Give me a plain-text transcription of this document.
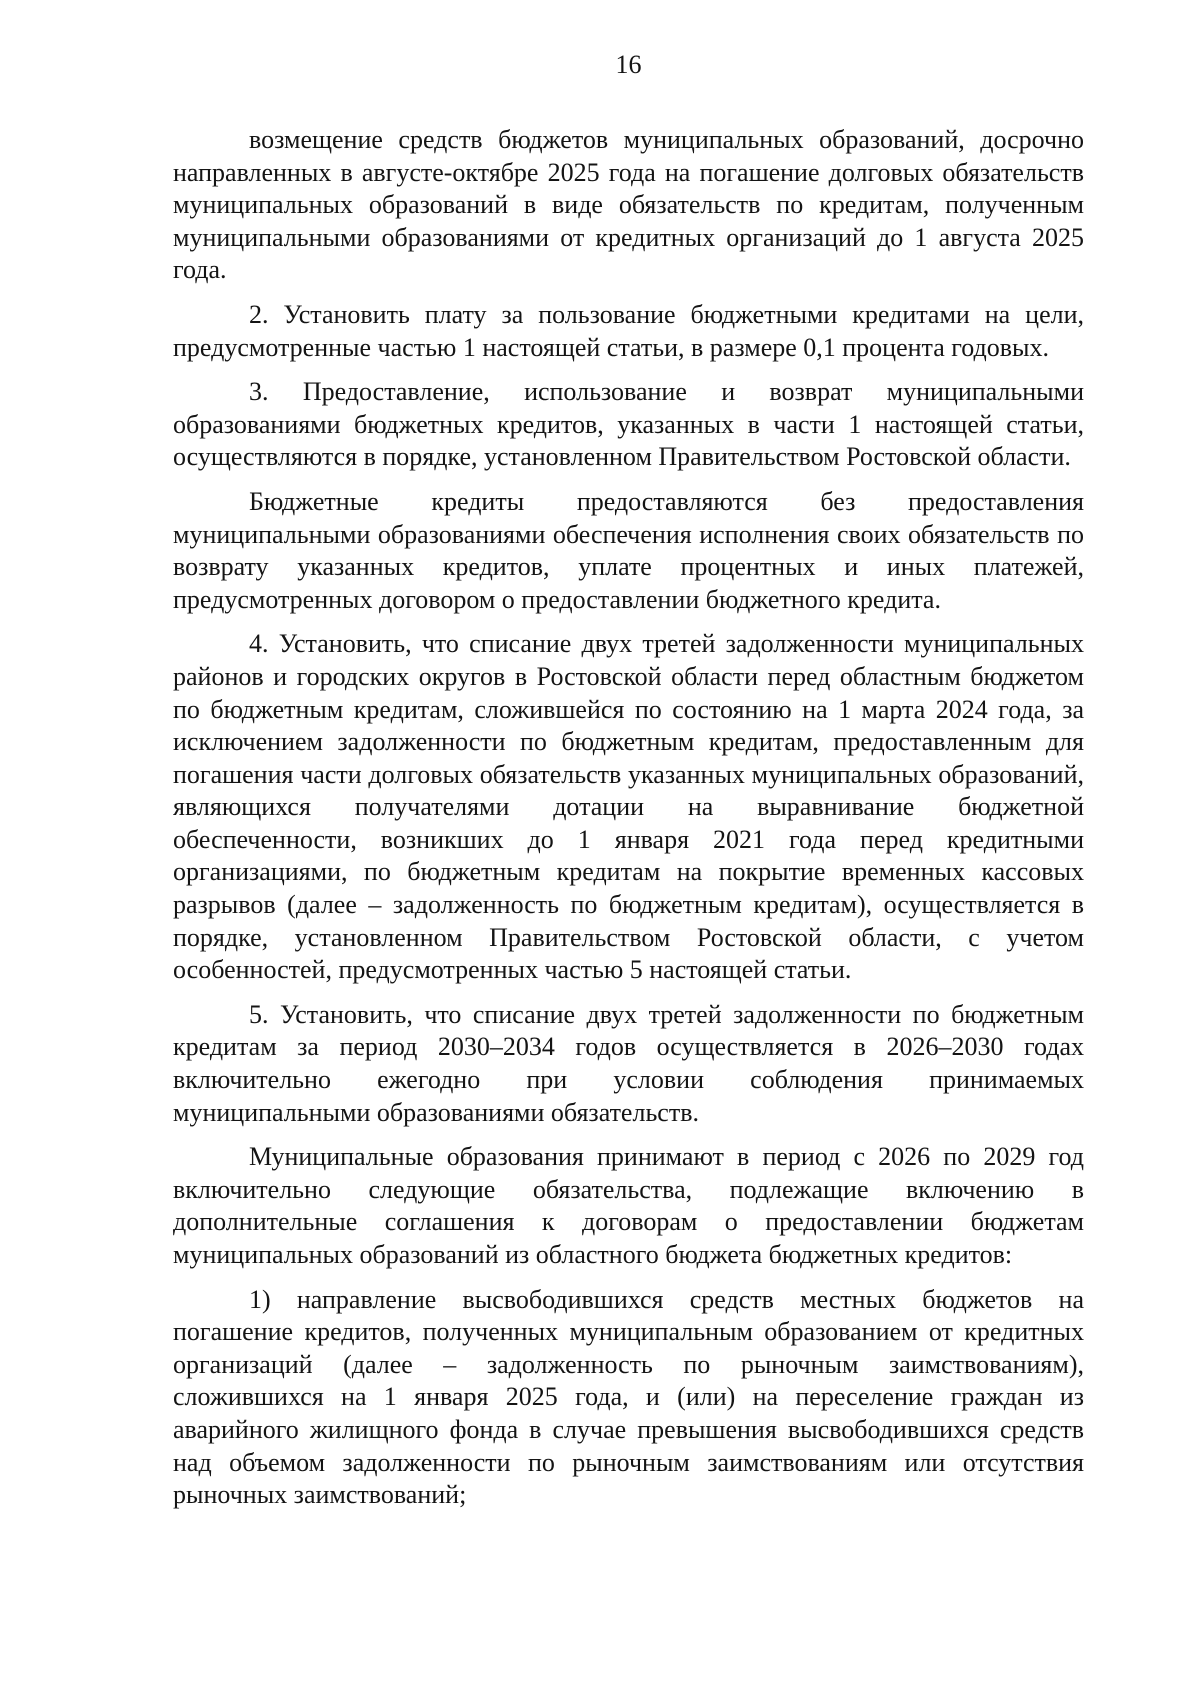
16

возмещение средств бюджетов муниципальных образований, досрочно направленных в августе-октябре 2025 года на погашение долговых обязательств муниципальных образований в виде обязательств по кредитам, полученным муниципальными образованиями от кредитных организаций до 1 августа 2025 года.

2. Установить плату за пользование бюджетными кредитами на цели, предусмотренные частью 1 настоящей статьи, в размере 0,1 процента годовых.

3. Предоставление, использование и возврат муниципальными образованиями бюджетных кредитов, указанных в части 1 настоящей статьи, осуществляются в порядке, установленном Правительством Ростовской области.

Бюджетные кредиты предоставляются без предоставления муниципальными образованиями обеспечения исполнения своих обязательств по возврату указанных кредитов, уплате процентных и иных платежей, предусмотренных договором о предоставлении бюджетного кредита.

4. Установить, что списание двух третей задолженности муниципальных районов и городских округов в Ростовской области перед областным бюджетом по бюджетным кредитам, сложившейся по состоянию на 1 марта 2024 года, за исключением задолженности по бюджетным кредитам, предоставленным для погашения части долговых обязательств указанных муниципальных образований, являющихся получателями дотации на выравнивание бюджетной обеспеченности, возникших до 1 января 2021 года перед кредитными организациями, по бюджетным кредитам на покрытие временных кассовых разрывов (далее – задолженность по бюджетным кредитам), осуществляется в порядке, установленном Правительством Ростовской области, с учетом особенностей, предусмотренных частью 5 настоящей статьи.

5. Установить, что списание двух третей задолженности по бюджетным кредитам за период 2030–2034 годов осуществляется в 2026–2030 годах включительно ежегодно при условии соблюдения принимаемых муниципальными образованиями обязательств.

Муниципальные образования принимают в период с 2026 по 2029 год включительно следующие обязательства, подлежащие включению в дополнительные соглашения к договорам о предоставлении бюджетам муниципальных образований из областного бюджета бюджетных кредитов:

1) направление высвободившихся средств местных бюджетов на погашение кредитов, полученных муниципальным образованием от кредитных организаций (далее – задолженность по рыночным заимствованиям), сложившихся на 1 января 2025 года, и (или) на переселение граждан из аварийного жилищного фонда в случае превышения высвободившихся средств над объемом задолженности по рыночным заимствованиям или отсутствия рыночных заимствований;
